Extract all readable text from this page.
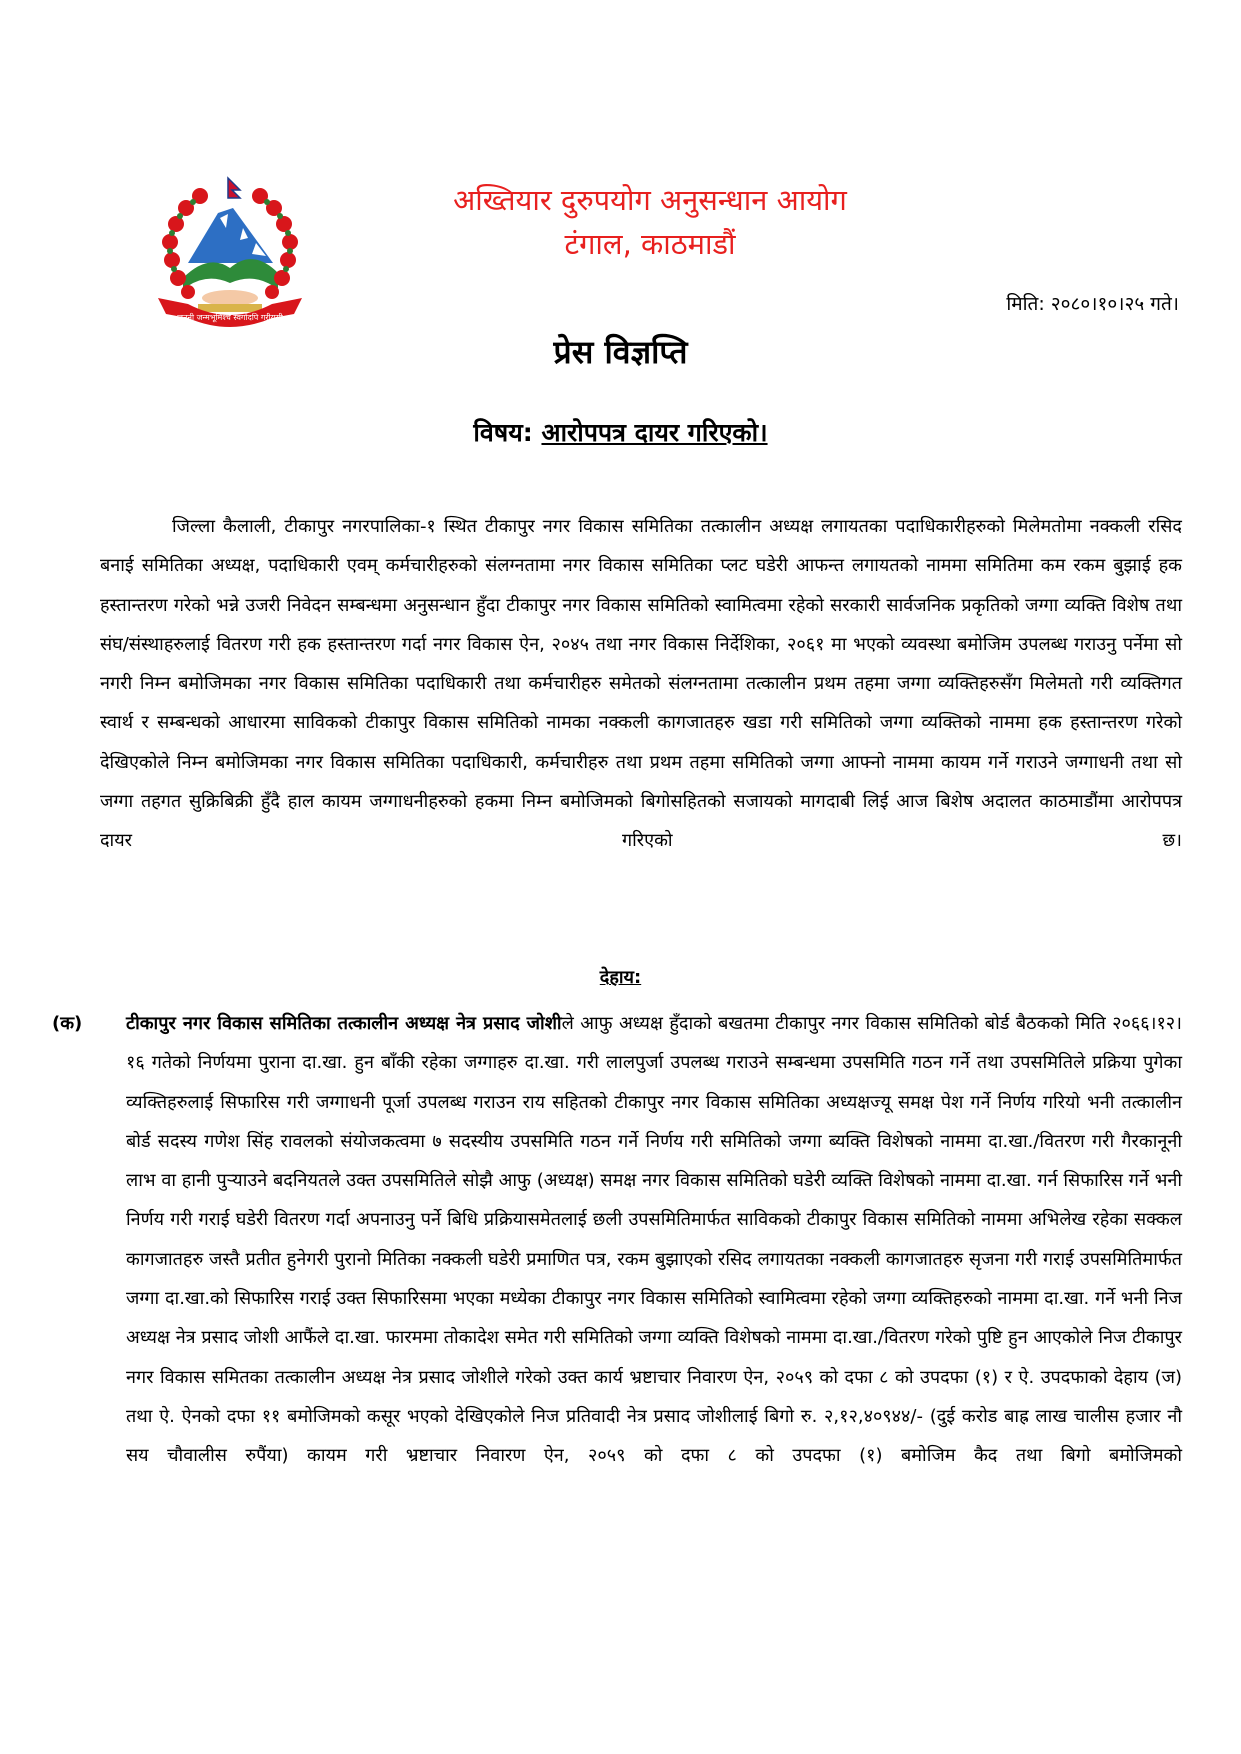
जननी जन्मभूमिश्च स्वर्गादपि गरीयसी
अख्तियार दुरुपयोग अनुसन्धान आयोग
टंगाल, काठमाडौं
मिति: २०८०।१०।२५ गते।
प्रेस विज्ञप्ति
विषय: आरोपपत्र दायर गरिएको।

जिल्ला कैलाली, टीकापुर नगरपालिका-१ स्थित टीकापुर नगर विकास समितिका तत्कालीन अध्यक्ष लगायतका पदाधिकारीहरुको मिलेमतोमा नक्कली रसिद बनाई समितिका अध्यक्ष, पदाधिकारी एवम् कर्मचारीहरुको संलग्नतामा नगर विकास समितिका प्लट घडेरी आफन्त लगायतको नाममा समितिमा कम रकम बुझाई हक हस्तान्तरण गरेको भन्ने उजरी निवेदन सम्बन्धमा अनुसन्धान हुँदा टीकापुर नगर विकास समितिको स्वामित्वमा रहेको सरकारी सार्वजनिक प्रकृतिको जग्गा व्यक्ति विशेष तथा संघ/संस्थाहरुलाई वितरण गरी हक हस्तान्तरण गर्दा नगर विकास ऐन, २०४५ तथा नगर विकास निर्देशिका, २०६१ मा भएको व्यवस्था बमोजिम उपलब्ध गराउनु पर्नेमा सो नगरी निम्न बमोजिमका नगर विकास समितिका पदाधिकारी तथा कर्मचारीहरु समेतको संलग्नतामा तत्कालीन प्रथम तहमा जग्गा व्यक्तिहरुसँग मिलेमतो गरी व्यक्तिगत स्वार्थ र सम्बन्धको आधारमा साविकको टीकापुर विकास समितिको नामका नक्कली कागजातहरु खडा गरी समितिको जग्गा व्यक्तिको नाममा हक हस्तान्तरण गरेको देखिएकोले निम्न बमोजिमका नगर विकास समितिका पदाधिकारी, कर्मचारीहरु तथा प्रथम तहमा समितिको जग्गा आफ्नो नाममा कायम गर्ने गराउने जग्गाधनी तथा सो जग्गा तहगत सुक्रिबिक्री हुँदै हाल कायम जग्गाधनीहरुको हकमा निम्न बमोजिमको बिगोसहितको सजायको मागदाबी लिई आज बिशेष अदालत काठमाडौंमा आरोपपत्र दायर गरिएको छ।

देहाय:
(क) टीकापुर नगर विकास समितिका तत्कालीन अध्यक्ष नेत्र प्रसाद जोशीले आफु अध्यक्ष हुँदाको बखतमा टीकापुर नगर विकास समितिको बोर्ड बैठकको मिति २०६६।१२।१६ गतेको निर्णयमा पुराना दा.खा. हुन बाँकी रहेका जग्गाहरु दा.खा. गरी लालपुर्जा उपलब्ध गराउने सम्बन्धमा उपसमिति गठन गर्ने तथा उपसमितिले प्रक्रिया पुगेका व्यक्तिहरुलाई सिफारिस गरी जग्गाधनी पूर्जा उपलब्ध गराउन राय सहितको टीकापुर नगर विकास समितिका अध्यक्षज्यू समक्ष पेश गर्ने निर्णय गरियो भनी तत्कालीन बोर्ड सदस्य गणेश सिंह रावलको संयोजकत्वमा ७ सदस्यीय उपसमिति गठन गर्ने निर्णय गरी समितिको जग्गा ब्यक्ति विशेषको नाममा दा.खा./वितरण गरी गैरकानूनी लाभ वा हानी पुऱ्याउने बदनियतले उक्त उपसमितिले सोझै आफु (अध्यक्ष) समक्ष नगर विकास समितिको घडेरी व्यक्ति विशेषको नाममा दा.खा. गर्न सिफारिस गर्ने भनी निर्णय गरी गराई घडेरी वितरण गर्दा अपनाउनु पर्ने बिधि प्रक्रियासमेतलाई छली उपसमितिमार्फत साविकको टीकापुर विकास समितिको नाममा अभिलेख रहेका सक्कल कागजातहरु जस्तै प्रतीत हुनेगरी पुरानो मितिका नक्कली घडेरी प्रमाणित पत्र, रकम बुझाएको रसिद लगायतका नक्कली कागजातहरु सृजना गरी गराई उपसमितिमार्फत जग्गा दा.खा.को सिफारिस गराई उक्त सिफारिसमा भएका मध्येका टीकापुर नगर विकास समितिको स्वामित्वमा रहेको जग्गा व्यक्तिहरुको नाममा दा.खा. गर्ने भनी निज अध्यक्ष नेत्र प्रसाद जोशी आफैंले दा.खा. फारममा तोकादेश समेत गरी समितिको जग्गा व्यक्ति विशेषको नाममा दा.खा./वितरण गरेको पुष्टि हुन आएकोले निज टीकापुर नगर विकास समितका तत्कालीन अध्यक्ष नेत्र प्रसाद जोशीले गरेको उक्त कार्य भ्रष्टाचार निवारण ऐन, २०५९ को दफा ८ को उपदफा (१) र ऐ. उपदफाको देहाय (ज) तथा ऐ. ऐनको दफा ११ बमोजिमको कसूर भएको देखिएकोले निज प्रतिवादी नेत्र प्रसाद जोशीलाई बिगो रु. २,१२,४०९४४/- (दुई करोड बाह्र लाख चालीस हजार नौ सय चौवालीस रुपैंया) कायम गरी भ्रष्टाचार निवारण ऐन, २०५९ को दफा ८ को उपदफा (१) बमोजिम कैद तथा बिगो बमोजिमको
